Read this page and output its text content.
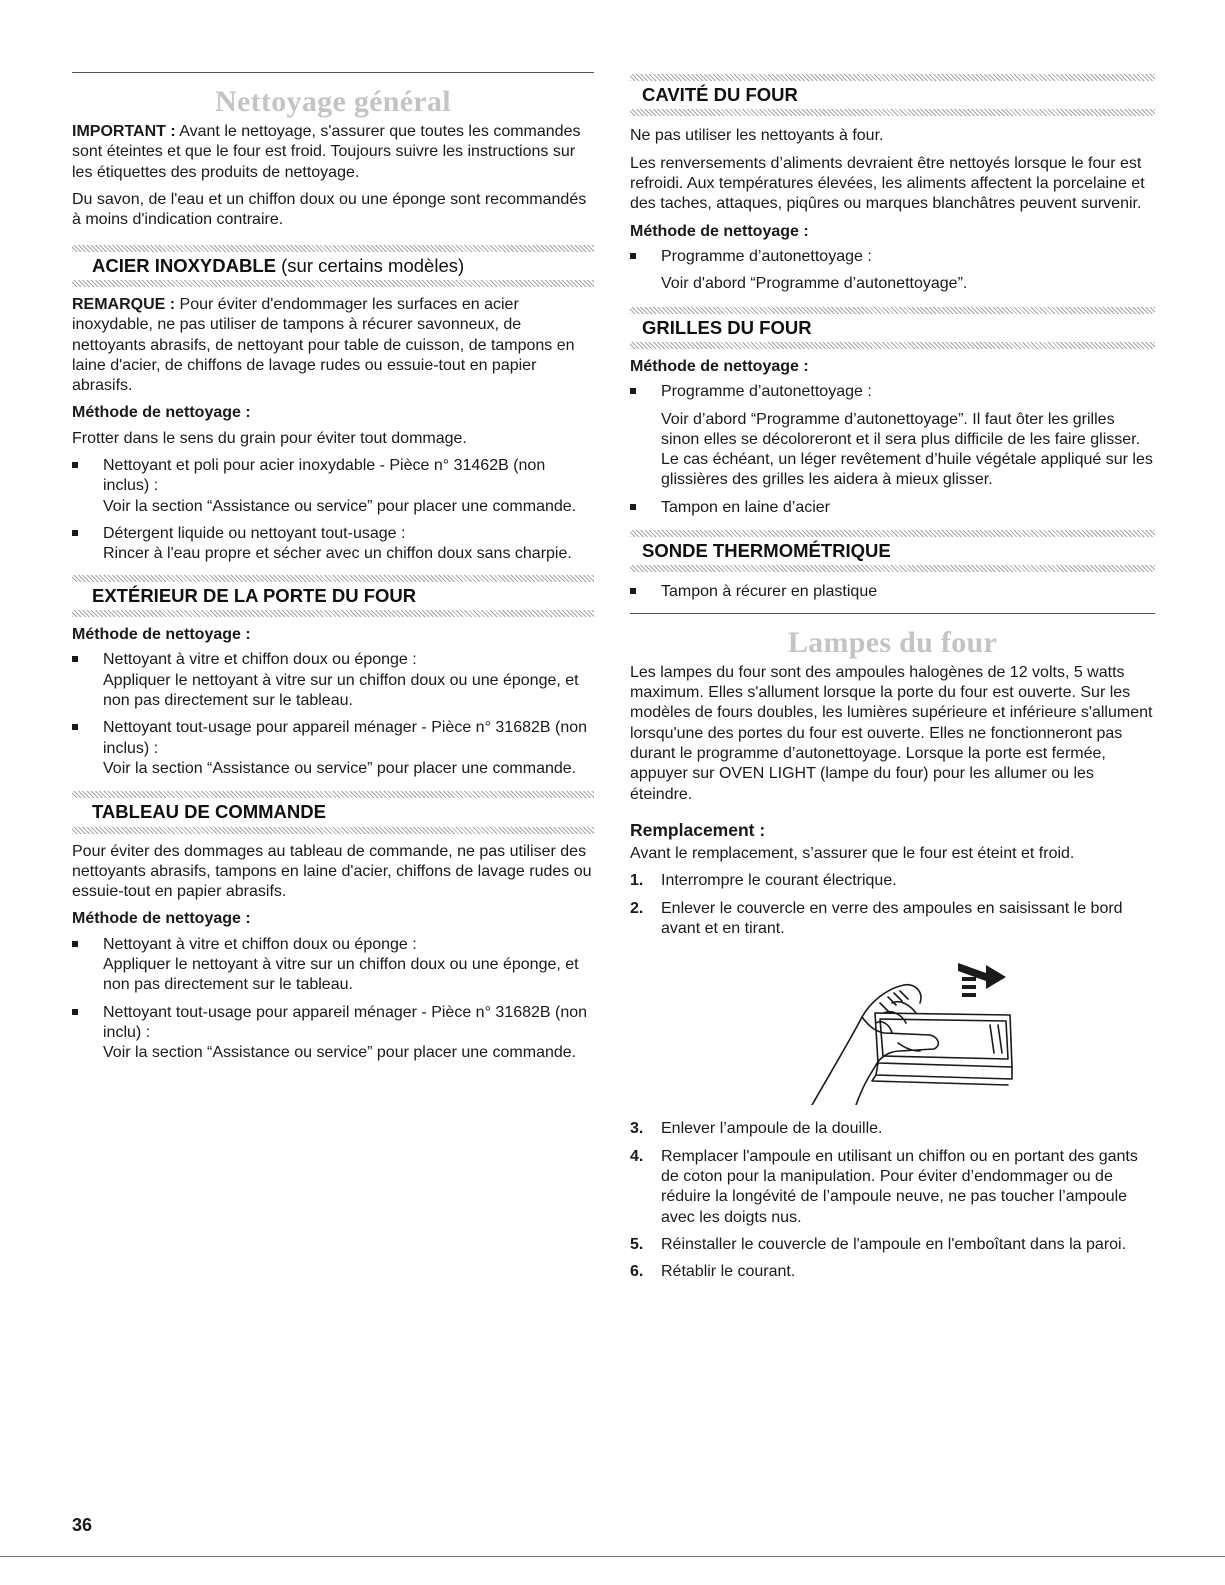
Nettoyage général

IMPORTANT : Avant le nettoyage, s'assurer que toutes les commandes sont éteintes et que le four est froid. Toujours suivre les instructions sur les étiquettes des produits de nettoyage.

Du savon, de l'eau et un chiffon doux ou une éponge sont recommandés à moins d'indication contraire.

ACIER INOXYDABLE (sur certains modèles)

REMARQUE : Pour éviter d'endommager les surfaces en acier inoxydable, ne pas utiliser de tampons à récurer savonneux, de nettoyants abrasifs, de nettoyant pour table de cuisson, de tampons en laine d'acier, de chiffons de lavage rudes ou essuie-tout en papier abrasifs.

Méthode de nettoyage :

Frotter dans le sens du grain pour éviter tout dommage.

Nettoyant et poli pour acier inoxydable - Pièce n° 31462B (non inclus) :
Voir la section “Assistance ou service” pour placer une commande.
Détergent liquide ou nettoyant tout-usage :
Rincer à l'eau propre et sécher avec un chiffon doux sans charpie.
EXTÉRIEUR DE LA PORTE DU FOUR
Méthode de nettoyage :
Nettoyant à vitre et chiffon doux ou éponge :
Appliquer le nettoyant à vitre sur un chiffon doux ou une éponge, et non pas directement sur le tableau.
Nettoyant tout-usage pour appareil ménager - Pièce n° 31682B (non inclus) :
Voir la section “Assistance ou service” pour placer une commande.
TABLEAU DE COMMANDE

Pour éviter des dommages au tableau de commande, ne pas utiliser des nettoyants abrasifs, tampons en laine d'acier, chiffons de lavage rudes ou essuie-tout en papier abrasifs.

Méthode de nettoyage :
Nettoyant à vitre et chiffon doux ou éponge :
Appliquer le nettoyant à vitre sur un chiffon doux ou une éponge, et non pas directement sur le tableau.
Nettoyant tout-usage pour appareil ménager - Pièce n° 31682B (non inclu) :
Voir la section “Assistance ou service” pour placer une commande.
CAVITÉ DU FOUR

Ne pas utiliser les nettoyants à four.

Les renversements d’aliments devraient être nettoyés lorsque le four est refroidi. Aux températures élevées, les aliments affectent la porcelaine et des taches, attaques, piqûres ou marques blanchâtres peuvent survenir.

Méthode de nettoyage :
Programme d’autonettoyage :

Voir d'abord “Programme d’autonettoyage”.

GRILLES DU FOUR
Méthode de nettoyage :
Programme d’autonettoyage :

Voir d’abord “Programme d’autonettoyage”. Il faut ôter les grilles sinon elles se décoloreront et il sera plus difficile de les faire glisser. Le cas échéant, un léger revêtement d’huile végétale appliqué sur les glissières des grilles les aidera à mieux glisser.

Tampon en laine d’acier
SONDE THERMOMÉTRIQUE
Tampon à récurer en plastique
Lampes du four

Les lampes du four sont des ampoules halogènes de 12 volts, 5 watts maximum. Elles s'allument lorsque la porte du four est ouverte. Sur les modèles de fours doubles, les lumières supérieure et inférieure s'allument lorsqu'une des portes du four est ouverte. Elles ne fonctionneront pas durant le programme d’autonettoyage. Lorsque la porte est fermée, appuyer sur OVEN LIGHT (lampe du four) pour les allumer ou les éteindre.

Remplacement :

Avant le remplacement, s’assurer que le four est éteint et froid.

1. Interrompre le courant électrique.
2. Enlever le couvercle en verre des ampoules en saisissant le bord avant et en tirant.
3. Enlever l’ampoule de la douille.
4. Remplacer l'ampoule en utilisant un chiffon ou en portant des gants de coton pour la manipulation. Pour éviter d’endommager ou de réduire la longévité de l’ampoule neuve, ne pas toucher l’ampoule avec les doigts nus.
5. Réinstaller le couvercle de l'ampoule en l'emboîtant dans la paroi.
6. Rétablir le courant.
36
